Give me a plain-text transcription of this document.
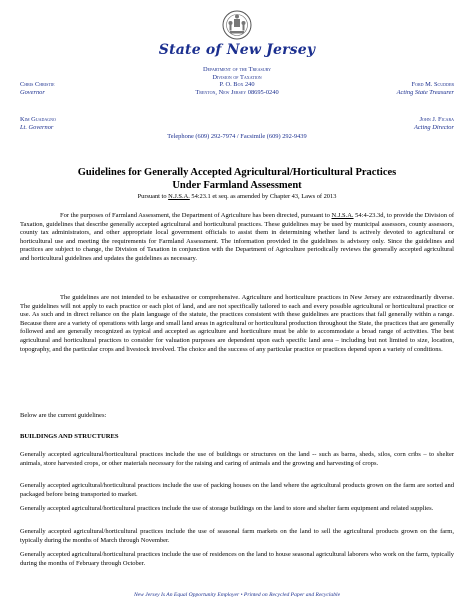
State of New Jersey
Department of the Treasury
Division of Taxation
P. O. Box 240
Trenton, New Jersey 08695-0240
Chris Christie
Governor
Ford M. Scudder
Acting State Treasurer
Kim Guadagno
Lt. Governor
John J. Ficara
Acting Director
Telephone (609) 292-7974 / Facsimile (609) 292-9439
Guidelines for Generally Accepted Agricultural/Horticultural Practices
Under Farmland Assessment
Pursuant to N.J.S.A. 54:23.1 et seq. as amended by Chapter 43, Laws of 2013

For the purposes of Farmland Assessment, the Department of Agriculture has been directed, pursuant to N.J.S.A. 54:4-23.3d, to provide the Division of Taxation, guidelines that describe generally accepted agricultural and horticultural practices. These guidelines may be used by municipal assessors, county assessors, county tax administrators, and other appropriate local government officials to assist them in determining whether land is actively devoted to agricultural or horticultural use and meeting the requirements for Farmland Assessment. The information provided in the guidelines is advisory only. Since the guidelines and practices are subject to change, the Division of Taxation in conjunction with the Department of Agriculture periodically reviews the generally accepted agricultural and horticultural guidelines and updates the guidelines as necessary.

The guidelines are not intended to be exhaustive or comprehensive. Agriculture and horticulture practices in New Jersey are extraordinarily diverse. The guidelines will not apply to each practice or each plot of land, and are not specifically tailored to each and every possible agricultural or horticultural practice or use. As such and in direct reliance on the plain language of the statute, the practices consistent with these guidelines are practices that fall generally within a range. Because there are a variety of operations with large and small land areas in agricultural or horticultural production throughout the State, the practices that are generally followed and are generally recognized as typical and accepted as agriculture and horticulture must be able to accommodate a broad range of activities. The best agricultural and horticultural practices to consider for valuation purposes are dependent upon each specific land area – including but not limited to size, location, topography, and the particular crops and livestock involved. The choice and the success of any particular practice or practices depend upon a variety of conditions.

Below are the current guidelines:

BUILDINGS AND STRUCTURES
Generally accepted agricultural/horticultural practices include the use of buildings or structures on the land -- such as barns, sheds, silos, corn cribs – to shelter animals, store harvested crops, or other materials necessary for the raising and caring of animals and the growing and harvesting of crops.
Generally accepted agricultural/horticultural practices include the use of packing houses on the land where the agricultural products grown on the farm are sorted and packaged before being transported to market.
Generally accepted agricultural/horticultural practices include the use of storage buildings on the land to store and shelter farm equipment and related supplies.
Generally accepted agricultural/horticultural practices include the use of seasonal farm markets on the land to sell the agricultural products grown on the farm, typically during the months of March through November.
Generally accepted agricultural/horticultural practices include the use of residences on the land to house seasonal agricultural laborers who work on the farm, typically during the months of February through October.
New Jersey Is An Equal Opportunity Employer • Printed on Recycled Paper and Recyclable
